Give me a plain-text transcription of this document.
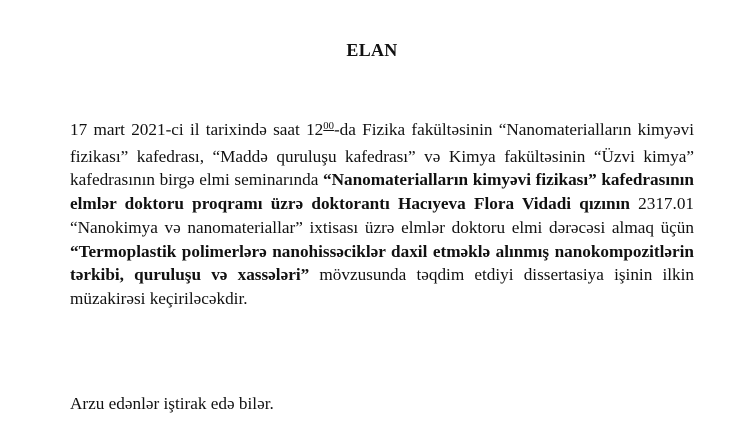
ELAN

17 mart 2021-ci il tarixində saat $12^{00}-da$ Fizika fakültəsinin “Nanomaterialların kimyəvi fizikası” kafedrası, “Maddə quruluşu kafedrası” və Kimya fakültəsinin “Üzvi kimya” kafedrasının birgə elmi seminarında “Nanomaterialların kimyəvi fizikası” kafedrasının elmlər doktoru proqramı üzrə doktorantı Hacıyeva Flora Vidadi qızının 2317.01 “Nanokimya və nanomateriallar” ixtisası üzrə elmlər doktoru elmi dərəcəsi almaq üçün “Termoplastik polimerlərə nanohissəciklər daxil etməklə alınmış nanokompozitlərin tərkibi, quruluşu və xassələri” mövzusunda təqdim etdiyi dissertasiya işinin ilkin müzakirəsi keçiriləcəkdir.

Arzu edənlər iştirak edə bilər.
